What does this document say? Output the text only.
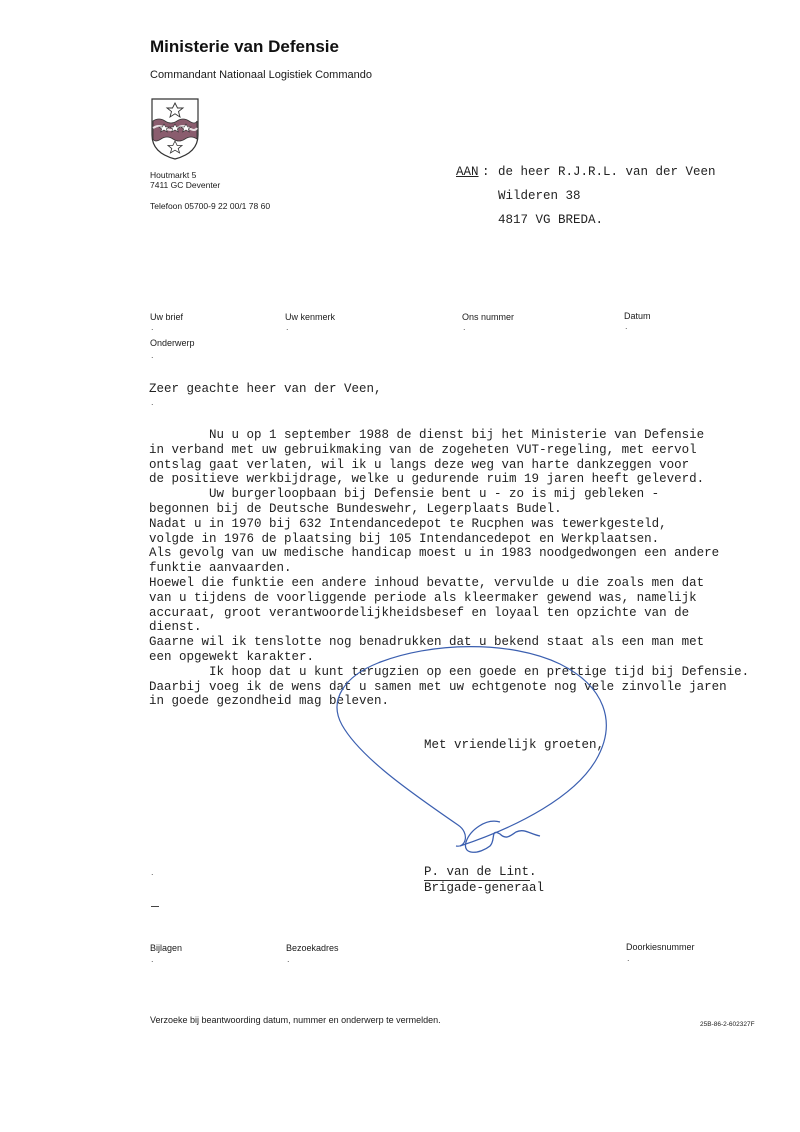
Ministerie van Defensie
Commandant Nationaal Logistiek Commando
Houtmarkt 5
7411 GC Deventer
Telefoon 05700-9 22 00/1 78 60
AAN : de heer R.J.R.L. van der Veen
Wilderen 38
4817 VG BREDA.
Uw brief	Uw kenmerk	Ons nummer	Datum
.	.	.	.
Onderwerp
.
Zeer geachte heer van der Veen,
.
Nu u op 1 september 1988 de dienst bij het Ministerie van Defensie
in verband met uw gebruikmaking van de zogeheten VUT-regeling, met eervol
ontslag gaat verlaten, wil ik u langs deze weg van harte dankzeggen voor
de positieve werkbijdrage, welke u gedurende ruim 19 jaren heeft geleverd.
Uw burgerloopbaan bij Defensie bent u - zo is mij gebleken -
begonnen bij de Deutsche Bundeswehr, Legerplaats Budel.
Nadat u in 1970 bij 632 Intendancedepot te Rucphen was tewerkgesteld,
volgde in 1976 de plaatsing bij 105 Intendancedepot en Werkplaatsen.
Als gevolg van uw medische handicap moest u in 1983 noodgedwongen een andere
funktie aanvaarden.
Hoewel die funktie een andere inhoud bevatte, vervulde u die zoals men dat
van u tijdens de voorliggende periode als kleermaker gewend was, namelijk
accuraat, groot verantwoordelijkheidsbesef en loyaal ten opzichte van de
dienst.
Gaarne wil ik tenslotte nog benadrukken dat u bekend staat als een man met
een opgewekt karakter.
Ik hoop dat u kunt terugzien op een goede en prettige tijd bij Defensie.
Daarbij voeg ik de wens dat u samen met uw echtgenote nog vele zinvolle jaren
in goede gezondheid mag beleven.
Met vriendelijk groeten,
P. van de Lint.
Brigade-generaal
.
Bijlagen	Bezoekadres	Doorkiesnummer
.	.	.
Verzoeke bij beantwoording datum, nummer en onderwerp te vermelden.	25B-86-2-602327F
